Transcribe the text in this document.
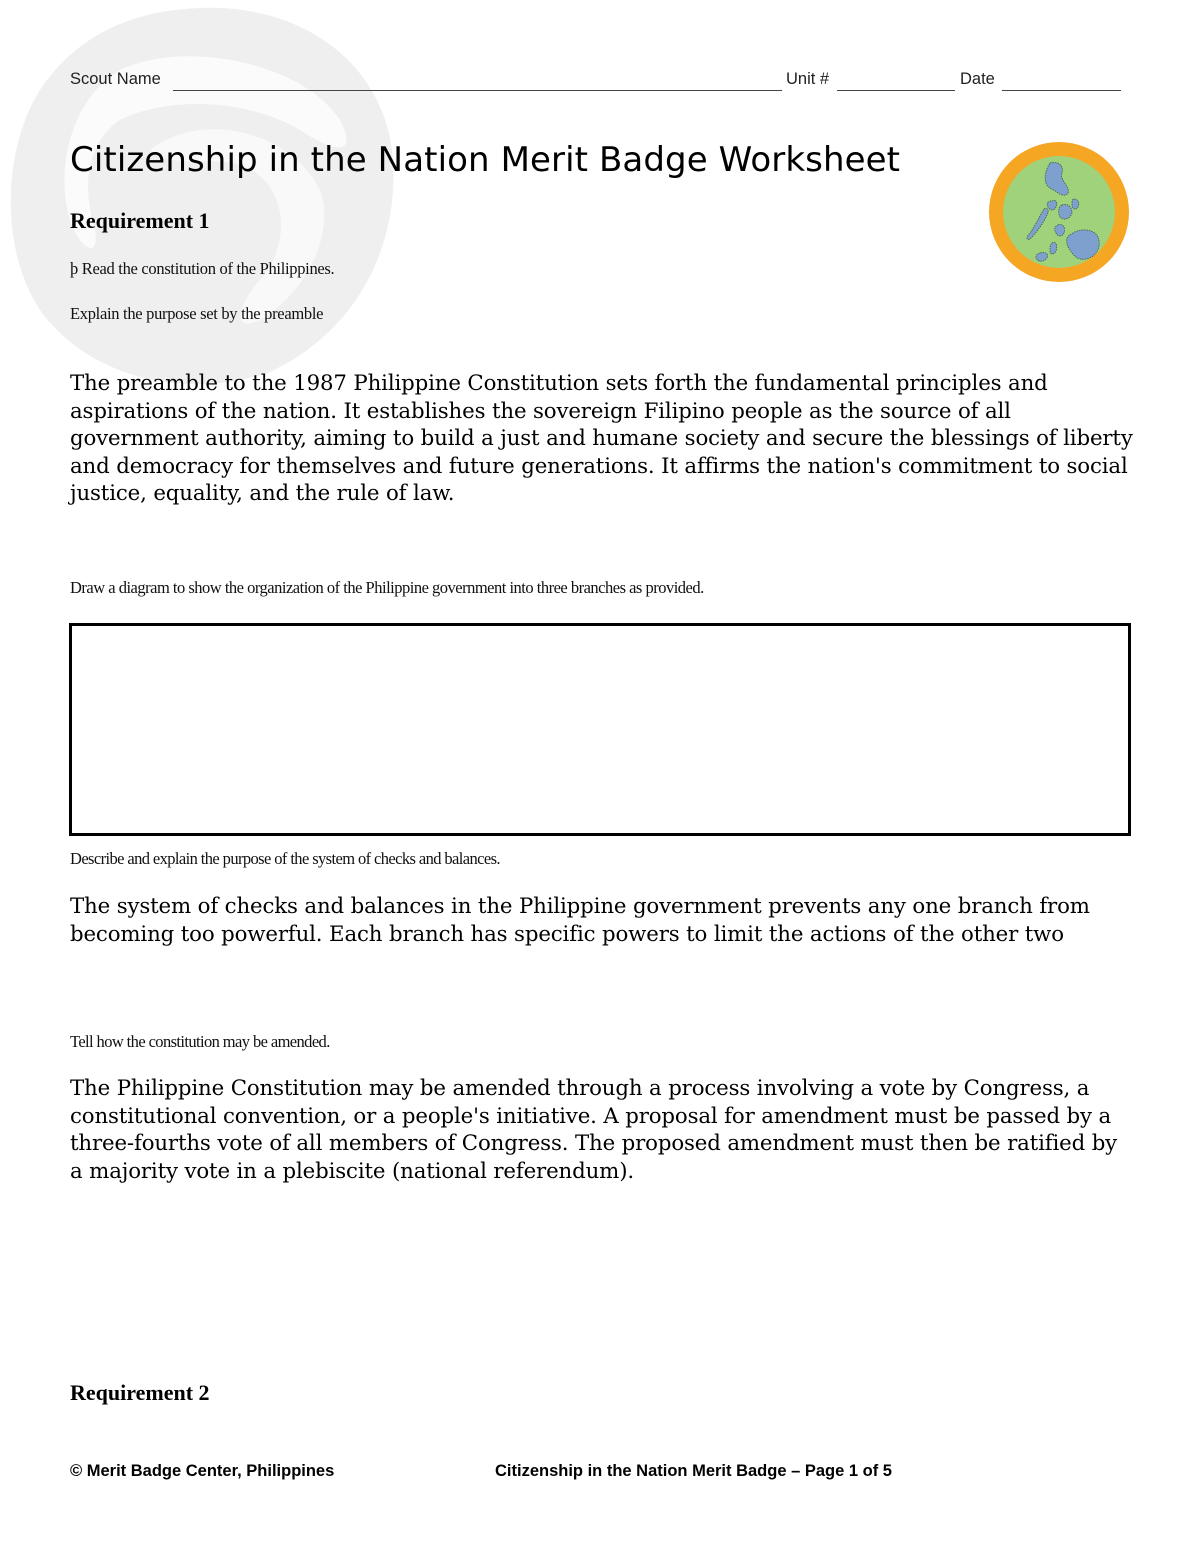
Scout Name	Unit #	Date
Citizenship in the Nation Merit Badge Worksheet
Requirement 1
þ Read the constitution of the Philippines.
Explain the purpose set by the preamble
The preamble to the 1987 Philippine Constitution sets forth the fundamental principles and aspirations of the nation. It establishes the sovereign Filipino people as the source of all government authority, aiming to build a just and humane society and secure the blessings of liberty and democracy for themselves and future generations. It affirms the nation's commitment to social justice, equality, and the rule of law.
Draw a diagram to show the organization of the Philippine government into three branches as provided.
Describe and explain the purpose of the system of checks and balances.
The system of checks and balances in the Philippine government prevents any one branch from becoming too powerful. Each branch has specific powers to limit the actions of the other two
Tell how the constitution may be amended.
The Philippine Constitution may be amended through a process involving a vote by Congress, a constitutional convention, or a people's initiative. A proposal for amendment must be passed by a three-fourths vote of all members of Congress. The proposed amendment must then be ratified by a majority vote in a plebiscite (national referendum).
Requirement 2
© Merit Badge Center, Philippines	Citizenship in the Nation Merit Badge – Page 1 of 5
